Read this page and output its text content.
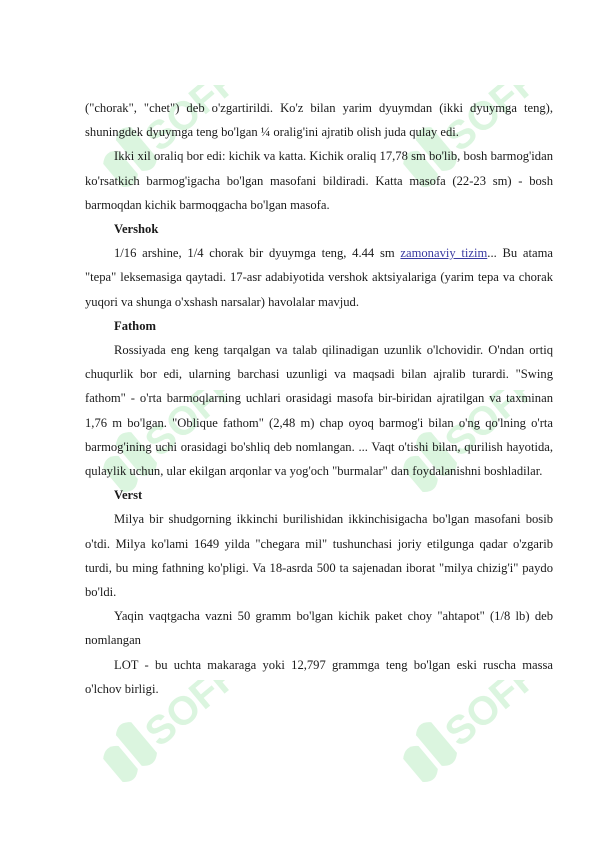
SOFF	SOFF
SOFF	SOFF
SOFF	SOFF

("chorak", "chet") deb o'zgartirildi. Ko'z bilan yarim dyuymdan (ikki dyuymga teng), shuningdek dyuymga teng bo'lgan ¼ oralig'ini ajratib olish juda qulay edi.

Ikki xil oraliq bor edi: kichik va katta. Kichik oraliq 17,78 sm bo'lib, bosh barmog'idan ko'rsatkich barmog'igacha bo'lgan masofani bildiradi. Katta masofa (22-23 sm) - bosh barmoqdan kichik barmoqgacha bo'lgan masofa.

Vershok

1/16 arshine, 1/4 chorak bir dyuymga teng, 4.44 sm zamonaviy tizim... Bu atama "tepa" leksemasiga qaytadi. 17-asr adabiyotida vershok aktsiyalariga (yarim tepa va chorak yuqori va shunga o'xshash narsalar) havolalar mavjud.

Fathom

Rossiyada eng keng tarqalgan va talab qilinadigan uzunlik o'lchovidir. O'ndan ortiq chuqurlik bor edi, ularning barchasi uzunligi va maqsadi bilan ajralib turardi. "Swing fathom" - o'rta barmoqlarning uchlari orasidagi masofa bir-biridan ajratilgan va taxminan 1,76 m bo'lgan. "Oblique fathom" (2,48 m) chap oyoq barmog'i bilan o'ng qo'lning o'rta barmog'ining uchi orasidagi bo'shliq deb nomlangan. ... Vaqt o'tishi bilan, qurilish hayotida, qulaylik uchun, ular ekilgan arqonlar va yog'och "burmalar" dan foydalanishni boshladilar.

Verst

Milya bir shudgorning ikkinchi burilishidan ikkinchisigacha bo'lgan masofani bosib o'tdi. Milya ko'lami 1649 yilda "chegara mil" tushunchasi joriy etilgunga qadar o'zgarib turdi, bu ming fathning ko'pligi. Va 18-asrda 500 ta sajenadan iborat "milya chizig'i" paydo bo'ldi.

Yaqin vaqtgacha vazni 50 gramm bo'lgan kichik paket choy "ahtapot" (1/8 lb) deb nomlangan

LOT - bu uchta makaraga yoki 12,797 grammga teng bo'lgan eski ruscha massa o'lchov birligi.
